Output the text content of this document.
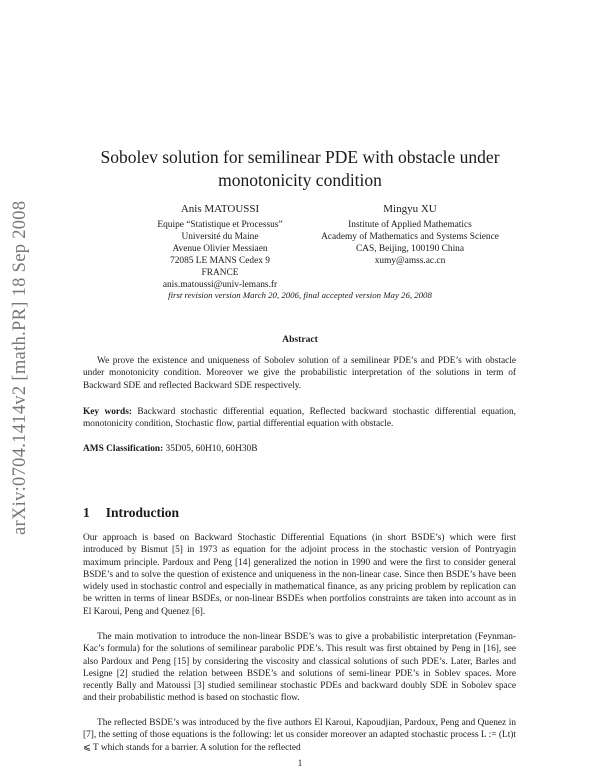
arXiv:0704.1414v2 [math.PR] 18 Sep 2008
Sobolev solution for semilinear PDE with obstacle under
monotonicity condition
Anis MATOUSSI
Equipe “Statistique et Processus”
Université du Maine
Avenue Olivier Messiaen
72085 LE MANS Cedex 9
FRANCE
anis.matoussi@univ-lemans.fr
Mingyu XU
Institute of Applied Mathematics
Academy of Mathematics and Systems Science
CAS, Beijing, 100190 China
xumy@amss.ac.cn
first revision version March 20, 2006, final accepted version May 26, 2008
Abstract
We prove the existence and uniqueness of Sobolev solution of a semilinear PDE’s and PDE’s with obstacle under monotonicity condition. Moreover we give the probabilistic interpretation of the solutions in term of Backward SDE and reflected Backward SDE respectively.
Key words: Backward stochastic differential equation, Reflected backward stochastic differential equation, monotonicity condition, Stochastic flow, partial differential equation with obstacle.
AMS Classification: 35D05, 60H10, 60H30B
1 Introduction
Our approach is based on Backward Stochastic Differential Equations (in short BSDE’s) which were first introduced by Bismut [5] in 1973 as equation for the adjoint process in the stochastic version of Pontryagin maximum principle. Pardoux and Peng [14] generalized the notion in 1990 and were the first to consider general BSDE’s and to solve the question of existence and uniqueness in the non-linear case. Since then BSDE’s have been widely used in stochastic control and especially in mathematical finance, as any pricing problem by replication can be written in terms of linear BSDEs, or non-linear BSDEs when portfolios constraints are taken into account as in El Karoui, Peng and Quenez [6].
The main motivation to introduce the non-linear BSDE’s was to give a probabilistic interpretation (Feynman-Kac’s formula) for the solutions of semilinear parabolic PDE’s. This result was first obtained by Peng in [16], see also Pardoux and Peng [15] by considering the viscosity and classical solutions of such PDE’s. Later, Barles and Lesigne [2] studied the relation between BSDE’s and solutions of semi-linear PDE’s in Soblev spaces. More recently Bally and Matoussi [3] studied semilinear stochastic PDEs and backward doubly SDE in Sobolev space and their probabilistic method is based on stochastic flow.
The reflected BSDE’s was introduced by the five authors El Karoui, Kapoudjian, Pardoux, Peng and Quenez in [7], the setting of those equations is the following: let us consider moreover an adapted stochastic process L := (Lt)t ⩽ T which stands for a barrier. A solution for the reflected
1
